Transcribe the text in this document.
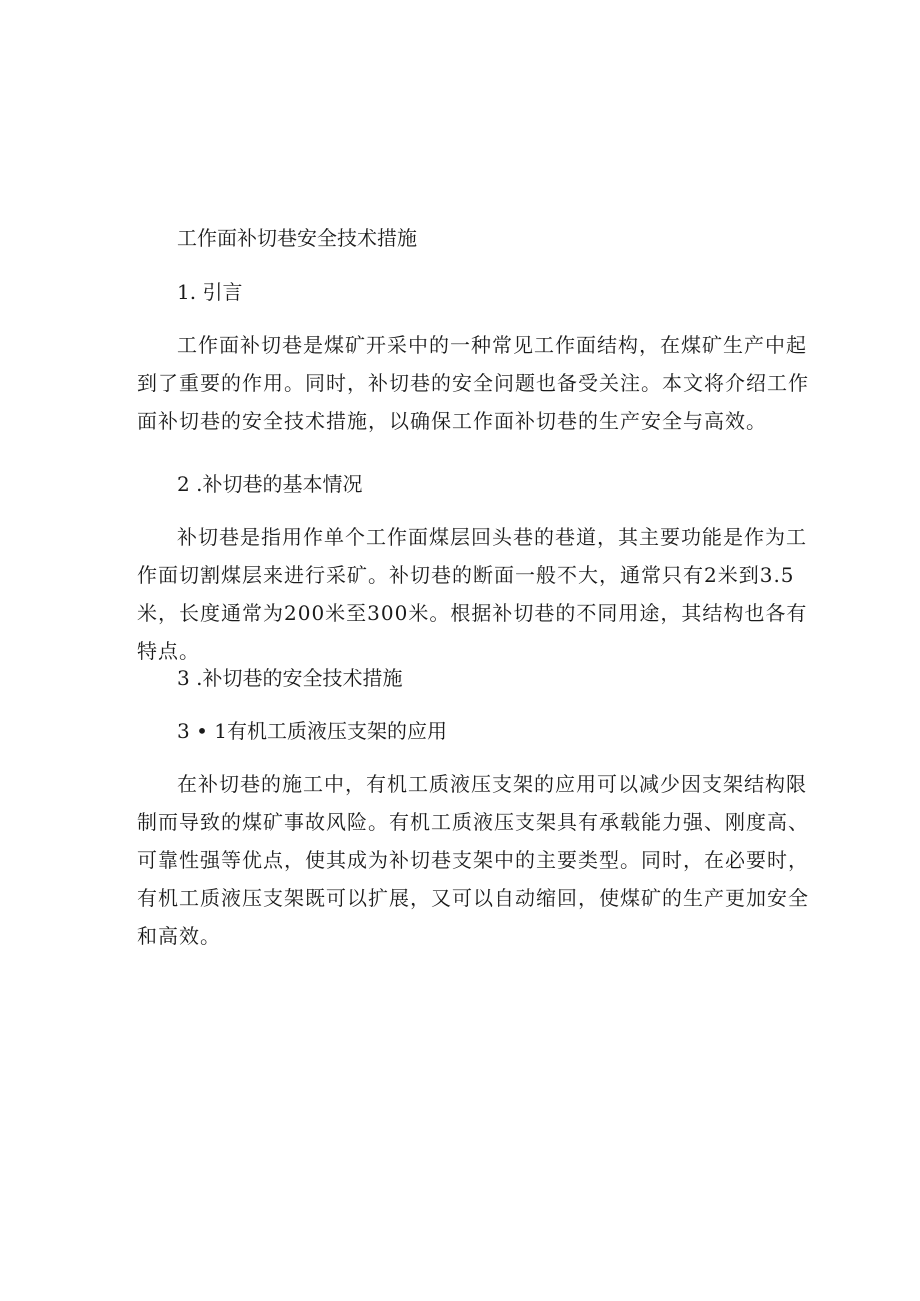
工作面补切巷安全技术措施
1. 引言
工作面补切巷是煤矿开采中的一种常见工作面结构，在煤矿生产中起到了重要的作用。同时，补切巷的安全问题也备受关注。本文将介绍工作面补切巷的安全技术措施，以确保工作面补切巷的生产安全与高效。
2 .补切巷的基本情况
补切巷是指用作单个工作面煤层回头巷的巷道，其主要功能是作为工作面切割煤层来进行采矿。补切巷的断面一般不大，通常只有2米到3.5米，长度通常为200米至300米。根据补切巷的不同用途，其结构也各有特点。
3 .补切巷的安全技术措施
3 • 1有机工质液压支架的应用
在补切巷的施工中，有机工质液压支架的应用可以减少因支架结构限制而导致的煤矿事故风险。有机工质液压支架具有承载能力强、刚度高、可靠性强等优点，使其成为补切巷支架中的主要类型。同时，在必要时，有机工质液压支架既可以扩展，又可以自动缩回，使煤矿的生产更加安全和高效。
